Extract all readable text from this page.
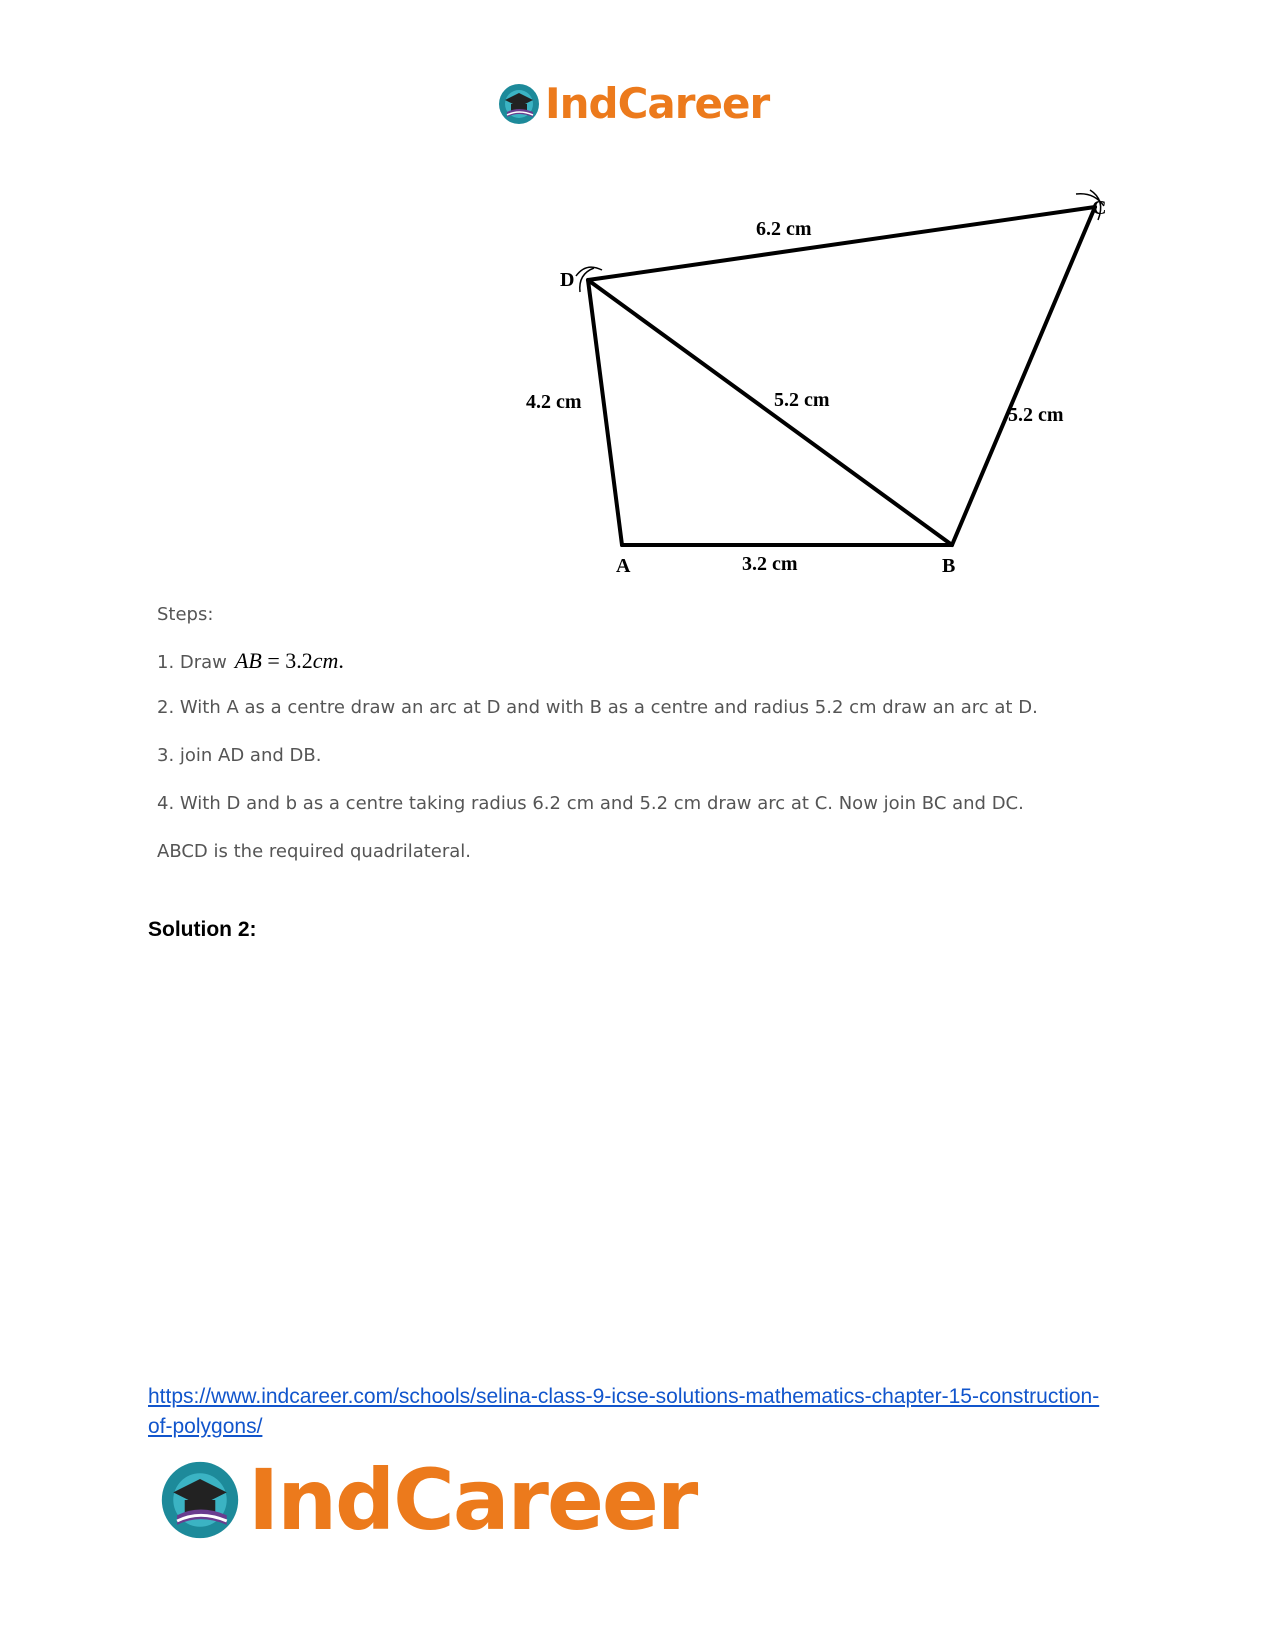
IndCareer
A	B
C
D
3.2 cm
4.2 cm	5.2 cm
5.2 cm
6.2 cm

Steps:

1. Draw AB = 3.2cm.

2. With A as a centre draw an arc at D and with B as a centre and radius 5.2 cm draw an arc at D.

3. join AD and DB.

4. With D and b as a centre taking radius 6.2 cm and 5.2 cm draw arc at C. Now join BC and DC.

ABCD is the required quadrilateral.

Solution 2:
https://www.indcareer.com/schools/selina-class-9-icse-solutions-mathematics-chapter-15-construction-of-polygons/
IndCareer
